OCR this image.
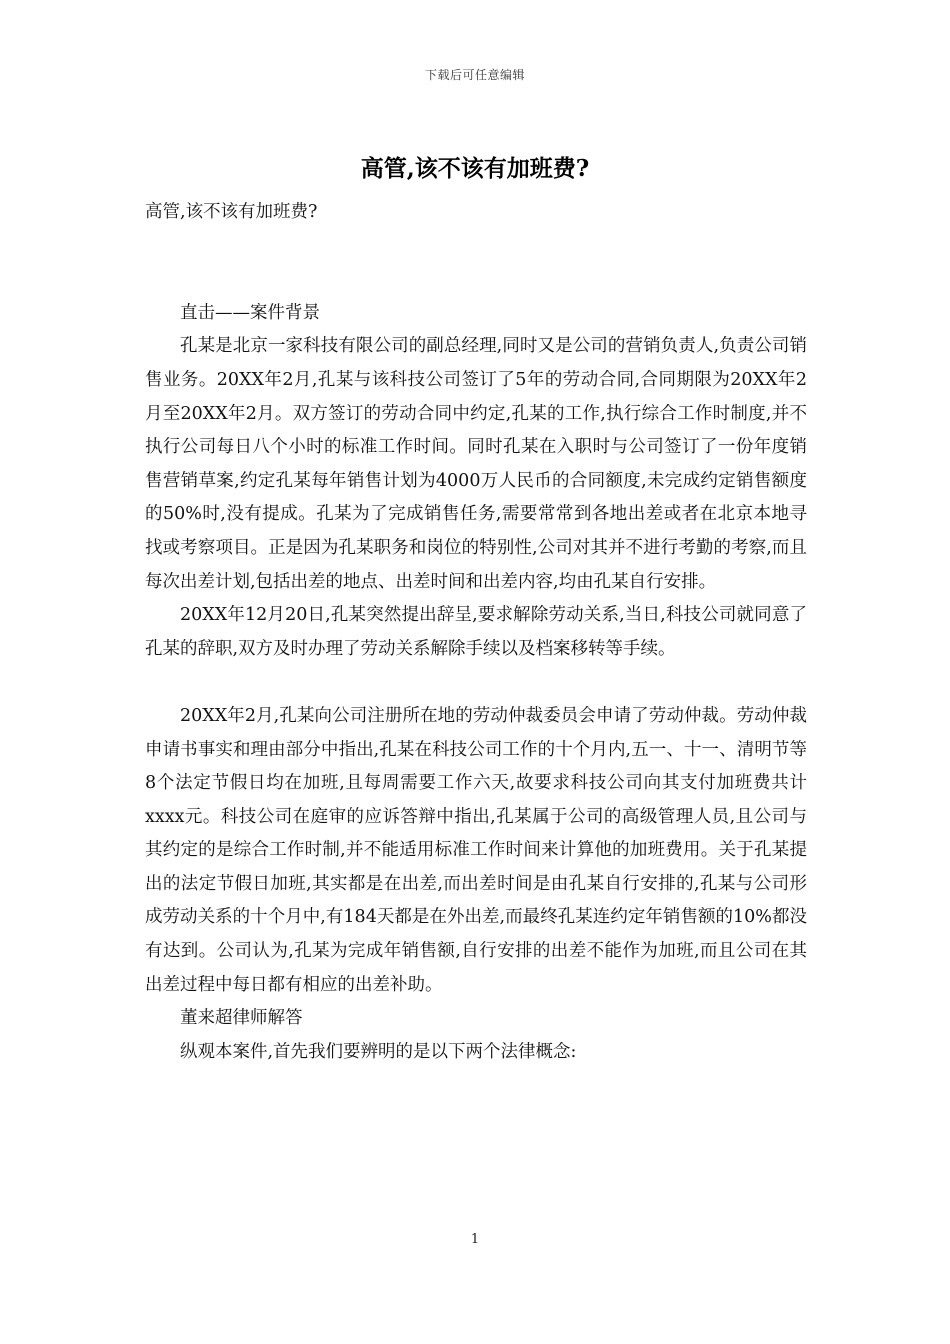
下载后可任意编辑
高管,该不该有加班费?

高管,该不该有加班费?

直击——案件背景

孔某是北京一家科技有限公司的副总经理,同时又是公司的营销负责人,负责公司销售业务。20XX年2月,孔某与该科技公司签订了5年的劳动合同,合同期限为20XX年2月至20XX年2月。双方签订的劳动合同中约定,孔某的工作,执行综合工作时制度,并不执行公司每日八个小时的标准工作时间。同时孔某在入职时与公司签订了一份年度销售营销草案,约定孔某每年销售计划为4000万人民币的合同额度,未完成约定销售额度的50%时,没有提成。孔某为了完成销售任务,需要常常到各地出差或者在北京本地寻找或考察项目。正是因为孔某职务和岗位的特别性,公司对其并不进行考勤的考察,而且每次出差计划,包括出差的地点、出差时间和出差内容,均由孔某自行安排。

20XX年12月20日,孔某突然提出辞呈,要求解除劳动关系,当日,科技公司就同意了孔某的辞职,双方及时办理了劳动关系解除手续以及档案移转等手续。

20XX年2月,孔某向公司注册所在地的劳动仲裁委员会申请了劳动仲裁。劳动仲裁申请书事实和理由部分中指出,孔某在科技公司工作的十个月内,五一、十一、清明节等8个法定节假日均在加班,且每周需要工作六天,故要求科技公司向其支付加班费共计xxxx元。科技公司在庭审的应诉答辩中指出,孔某属于公司的高级管理人员,且公司与其约定的是综合工作时制,并不能适用标准工作时间来计算他的加班费用。关于孔某提出的法定节假日加班,其实都是在出差,而出差时间是由孔某自行安排的,孔某与公司形成劳动关系的十个月中,有184天都是在外出差,而最终孔某连约定年销售额的10%都没有达到。公司认为,孔某为完成年销售额,自行安排的出差不能作为加班,而且公司在其出差过程中每日都有相应的出差补助。

董来超律师解答

纵观本案件,首先我们要辨明的是以下两个法律概念:

1
